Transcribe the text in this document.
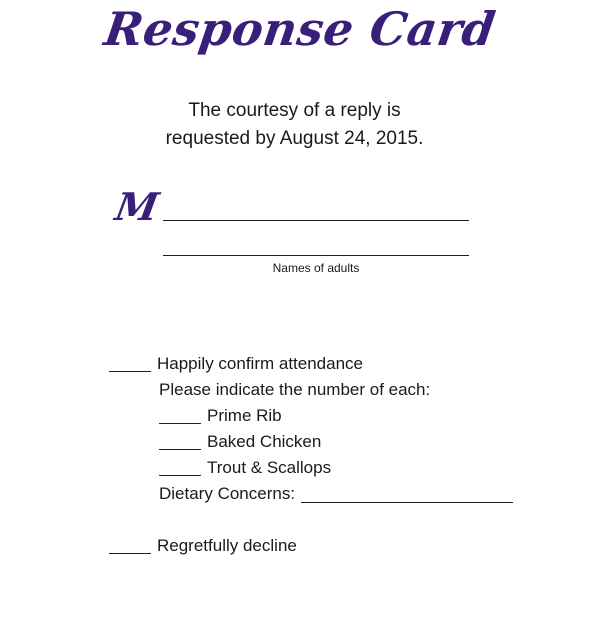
Response Card
The courtesy of a reply is
requested by August 24, 2015.
M
Names of adults
Happily confirm attendance
Please indicate the number of each:
Prime Rib
Baked Chicken
Trout & Scallops
Dietary Concerns:
Regretfully decline
